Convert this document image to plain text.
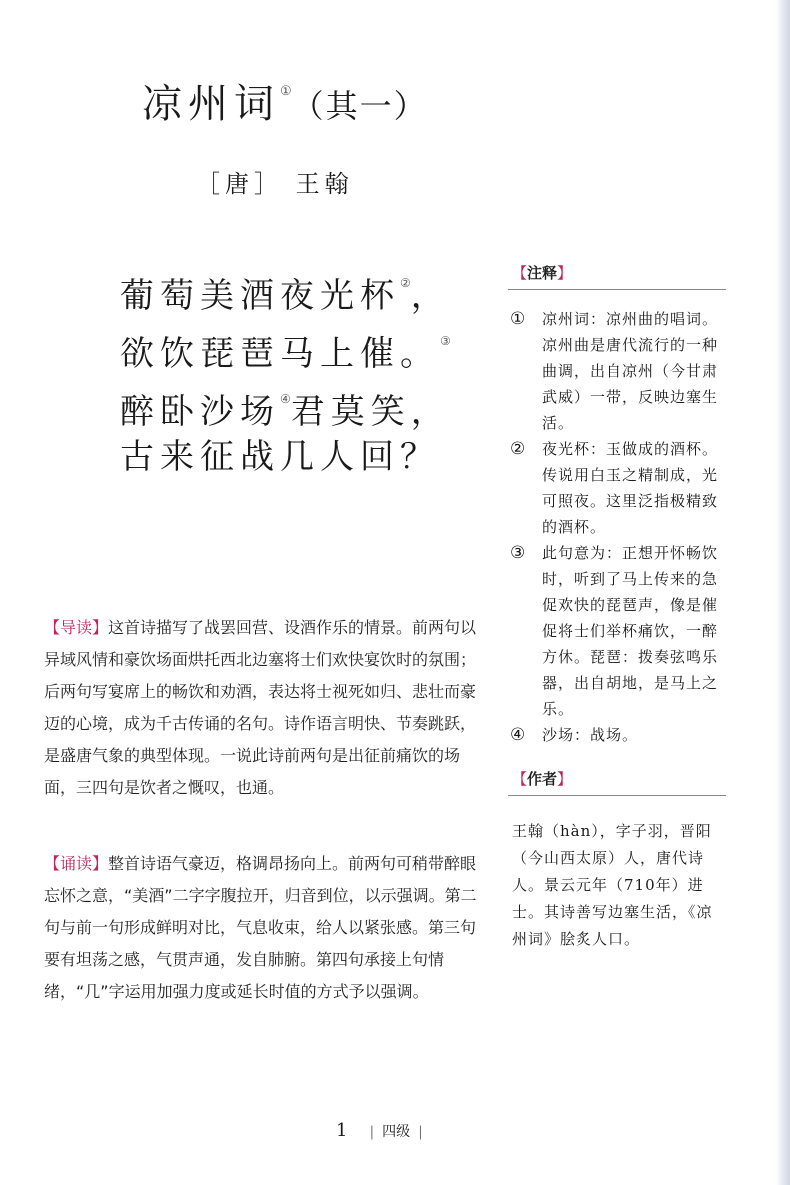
凉州词①（其一）
［唐］ 王翰
葡萄美酒夜光杯②，
欲饮琵琶马上催。③
醉卧沙场④君莫笑，
古来征战几人回？
【导读】这首诗描写了战罢回营、设酒作乐的情景。前两句以异域风情和豪饮场面烘托西北边塞将士们欢快宴饮时的氛围；后两句写宴席上的畅饮和劝酒，表达将士视死如归、悲壮而豪迈的心境，成为千古传诵的名句。诗作语言明快、节奏跳跃，是盛唐气象的典型体现。一说此诗前两句是出征前痛饮的场面，三四句是饮者之慨叹，也通。
【诵读】整首诗语气豪迈，格调昂扬向上。前两句可稍带醉眼忘怀之意，“美酒”二字字腹拉开，归音到位，以示强调。第二句与前一句形成鲜明对比，气息收束，给人以紧张感。第三句要有坦荡之感，气贯声通，发自肺腑。第四句承接上句情绪，“几”字运用加强力度或延长时值的方式予以强调。
【注释】
①	凉州词：凉州曲的唱词。凉州曲是唐代流行的一种曲调，出自凉州（今甘肃武威）一带，反映边塞生活。
②	夜光杯：玉做成的酒杯。传说用白玉之精制成，光可照夜。这里泛指极精致的酒杯。
③	此句意为：正想开怀畅饮时，听到了马上传来的急促欢快的琵琶声，像是催促将士们举杯痛饮，一醉方休。琵琶：拨奏弦鸣乐器，出自胡地，是马上之乐。
④	沙场：战场。
【作者】
王翰（hàn），字子羽，晋阳（今山西太原）人，唐代诗人。景云元年（710年）进士。其诗善写边塞生活，《凉州词》脍炙人口。
1 | 四级 |
